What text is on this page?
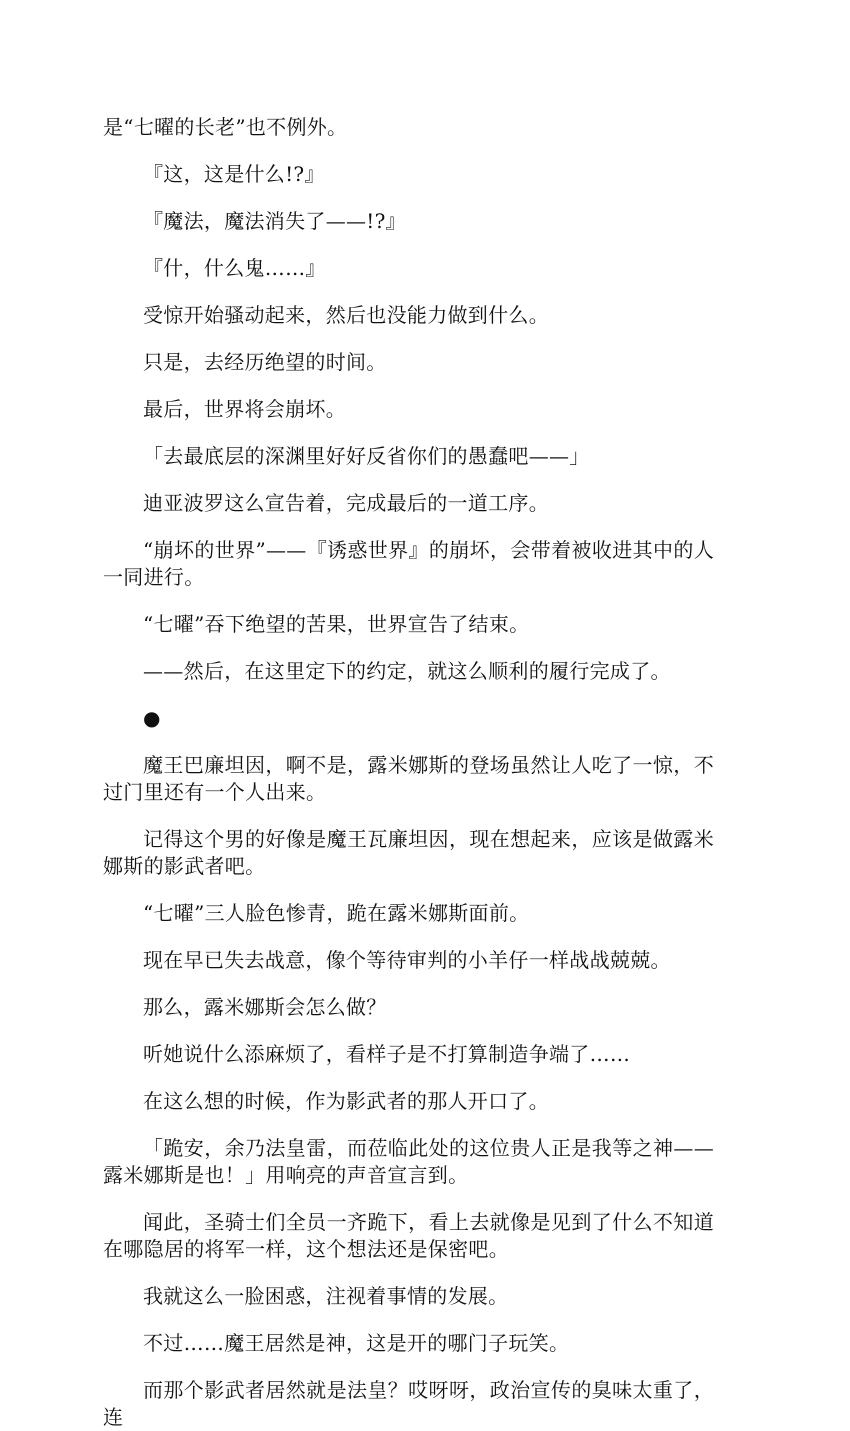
是“七曜的长老”也不例外。

『这，这是什么!?』

『魔法，魔法消失了——!?』

『什，什么鬼……』

受惊开始骚动起来，然后也没能力做到什么。

只是，去经历绝望的时间。

最后，世界将会崩坏。

「去最底层的深渊里好好反省你们的愚蠢吧——」

迪亚波罗这么宣告着，完成最后的一道工序。

“崩坏的世界”——『诱惑世界』的崩坏，会带着被收进其中的人一同进行。

“七曜”吞下绝望的苦果，世界宣告了结束。

——然后，在这里定下的约定，就这么顺利的履行完成了。

●

魔王巴廉坦因，啊不是，露米娜斯的登场虽然让人吃了一惊，不过门里还有一个人出来。

记得这个男的好像是魔王瓦廉坦因，现在想起来，应该是做露米娜斯的影武者吧。

“七曜”三人脸色惨青，跪在露米娜斯面前。

现在早已失去战意，像个等待审判的小羊仔一样战战兢兢。

那么，露米娜斯会怎么做？

听她说什么添麻烦了，看样子是不打算制造争端了……

在这么想的时候，作为影武者的那人开口了。

「跪安，余乃法皇雷，而莅临此处的这位贵人正是我等之神——露米娜斯是也！」用响亮的声音宣言到。

闻此，圣骑士们全员一齐跪下，看上去就像是见到了什么不知道在哪隐居的将军一样，这个想法还是保密吧。

我就这么一脸困惑，注视着事情的发展。

不过……魔王居然是神，这是开的哪门子玩笑。

而那个影武者居然就是法皇？哎呀呀，政治宣传的臭味太重了，连
